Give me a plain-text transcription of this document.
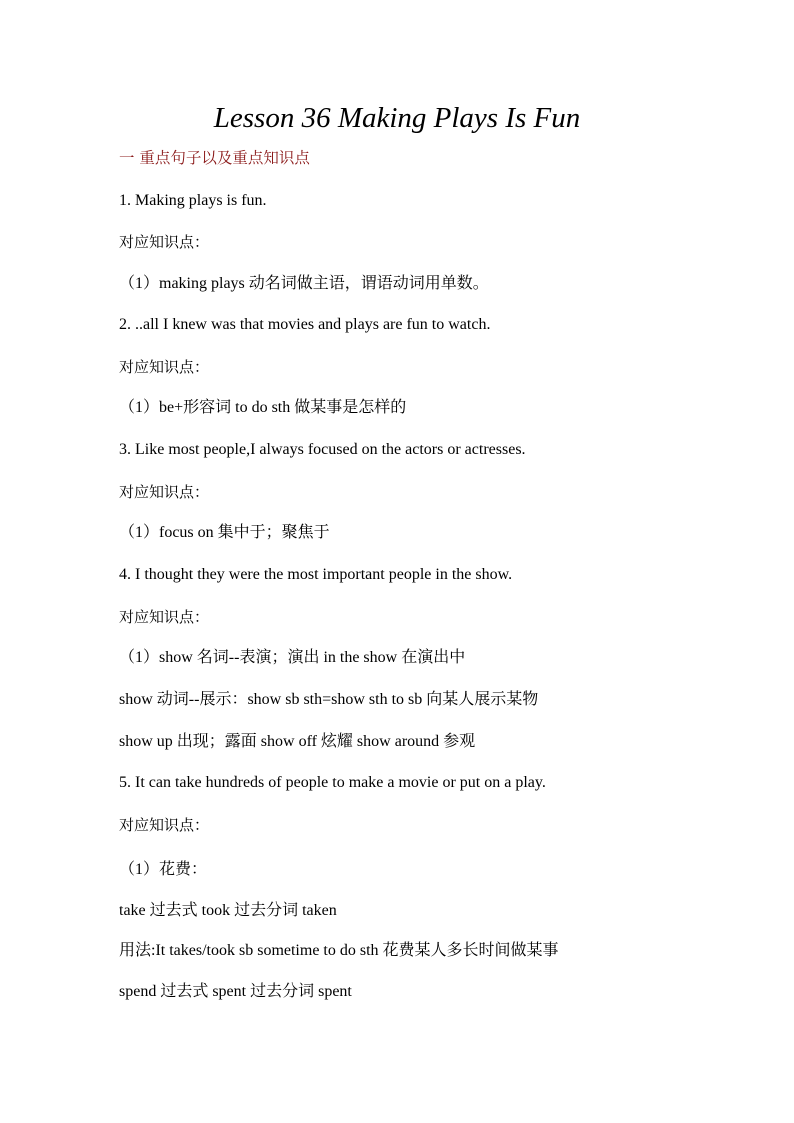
Lesson 36 Making Plays Is Fun
一 重点句子以及重点知识点
1. Making plays is fun.
对应知识点：
（1）making plays 动名词做主语，谓语动词用单数。
2. ..all I knew was that movies and plays are fun to watch.
对应知识点：
（1）be+形容词 to do sth 做某事是怎样的
3. Like most people,I always focused on the actors or actresses.
对应知识点：
（1）focus on 集中于；聚焦于
4. I thought they were the most important people in the show.
对应知识点：
（1）show 名词--表演；演出 in the show 在演出中
show 动词--展示：show sb sth=show sth to sb 向某人展示某物
show up 出现；露面 show off 炫耀 show around 参观
5. It can take hundreds of people to make a movie or put on a play.
对应知识点：
（1）花费：
take 过去式 took 过去分词 taken
用法:It takes/took sb sometime to do sth 花费某人多长时间做某事
spend 过去式 spent 过去分词 spent
